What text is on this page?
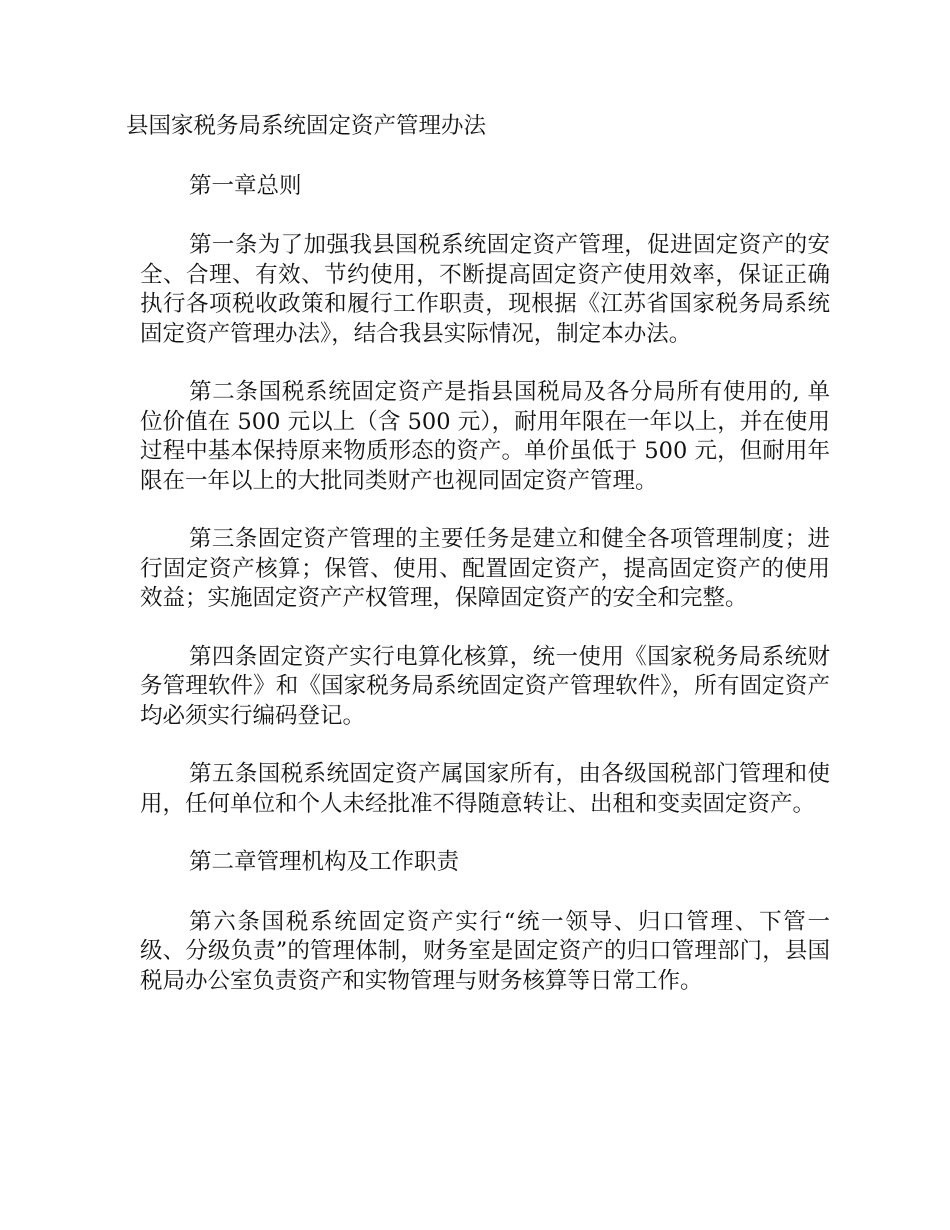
县国家税务局系统固定资产管理办法
第一章总则

第一条为了加强我县国税系统固定资产管理，促进固定资产的安全、合理、有效、节约使用，不断提高固定资产使用效率，保证正确执行各项税收政策和履行工作职责，现根据《江苏省国家税务局系统固定资产管理办法》，结合我县实际情况，制定本办法。

第二条国税系统固定资产是指县国税局及各分局所有使用的, 单位价值在 500 元以上（含 500 元），耐用年限在一年以上，并在使用过程中基本保持原来物质形态的资产。单价虽低于 500 元，但耐用年限在一年以上的大批同类财产也视同固定资产管理。

第三条固定资产管理的主要任务是建立和健全各项管理制度；进行固定资产核算；保管、使用、配置固定资产，提高固定资产的使用效益；实施固定资产产权管理，保障固定资产的安全和完整。

第四条固定资产实行电算化核算，统一使用《国家税务局系统财务管理软件》和《国家税务局系统固定资产管理软件》，所有固定资产均必须实行编码登记。

第五条国税系统固定资产属国家所有，由各级国税部门管理和使用，任何单位和个人未经批准不得随意转让、出租和变卖固定资产。

第二章管理机构及工作职责

第六条国税系统固定资产实行“统一领导、归口管理、下管一级、分级负责”的管理体制，财务室是固定资产的归口管理部门，县国税局办公室负责资产和实物管理与财务核算等日常工作。
